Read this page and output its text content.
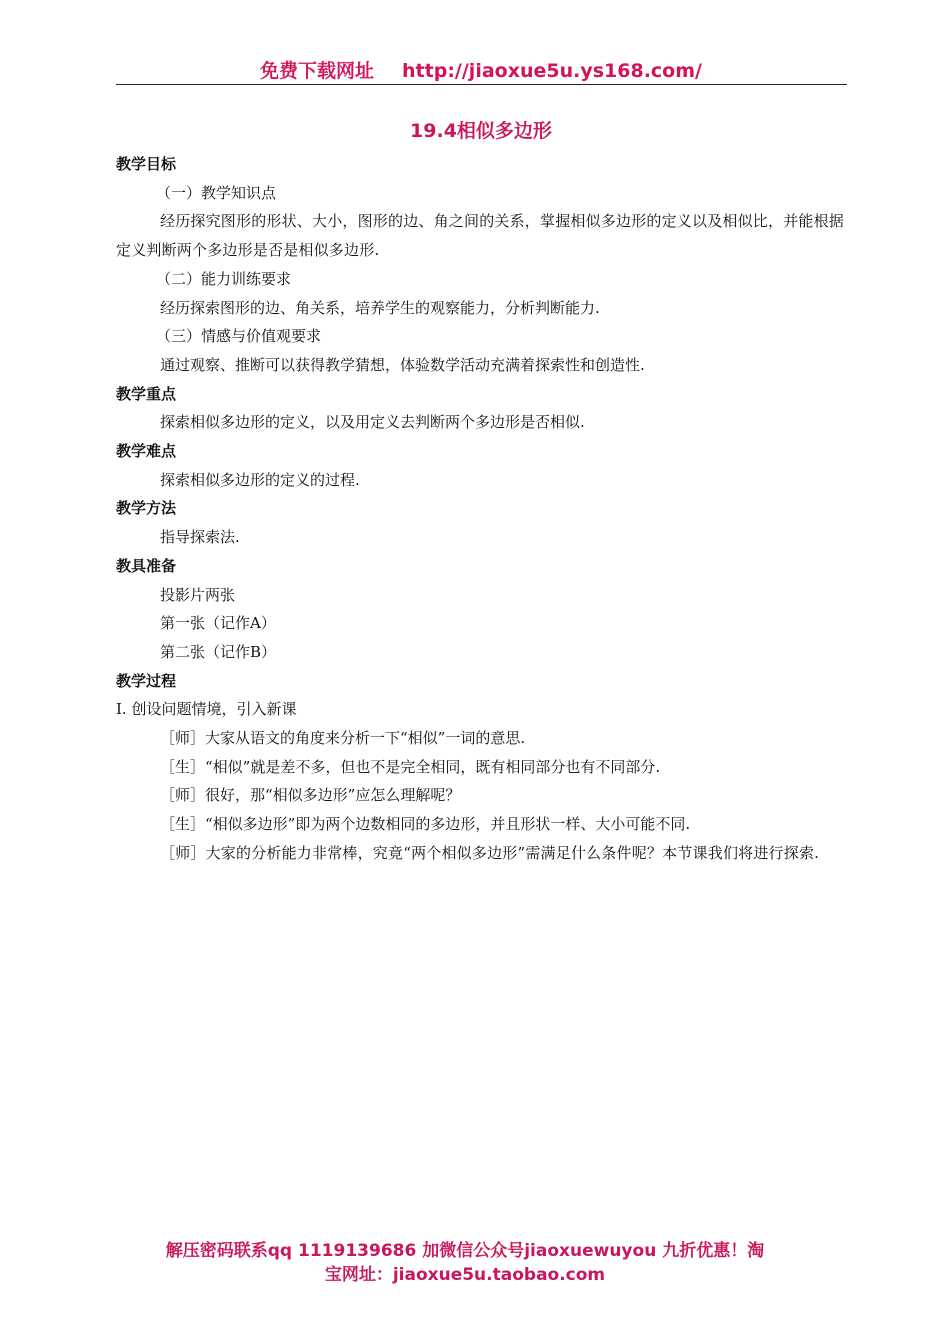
免费下载网址 http://jiaoxue5u.ys168.com/
19.4相似多边形

教学目标

（一）教学知识点

经历探究图形的形状、大小，图形的边、角之间的关系，掌握相似多边形的定义以及相似比，并能根据定义判断两个多边形是否是相似多边形.

（二）能力训练要求

经历探索图形的边、角关系，培养学生的观察能力，分析判断能力.

（三）情感与价值观要求

通过观察、推断可以获得教学猜想，体验数学活动充满着探索性和创造性.

教学重点

探索相似多边形的定义，以及用定义去判断两个多边形是否相似.

教学难点

探索相似多边形的定义的过程.

教学方法

指导探索法.

教具准备

投影片两张

第一张（记作A）

第二张（记作B）

教学过程

Ⅰ. 创设问题情境，引入新课

［师］大家从语文的角度来分析一下“相似”一词的意思.

［生］“相似”就是差不多，但也不是完全相同，既有相同部分也有不同部分.

［师］很好，那“相似多边形”应怎么理解呢？

［生］“相似多边形”即为两个边数相同的多边形，并且形状一样、大小可能不同.

［师］大家的分析能力非常棒，究竟“两个相似多边形”需满足什么条件呢？本节课我们将进行探索.

解压密码联系qq 1119139686 加微信公众号jiaoxuewuyou 九折优惠！淘
宝网址：jiaoxue5u.taobao.com
